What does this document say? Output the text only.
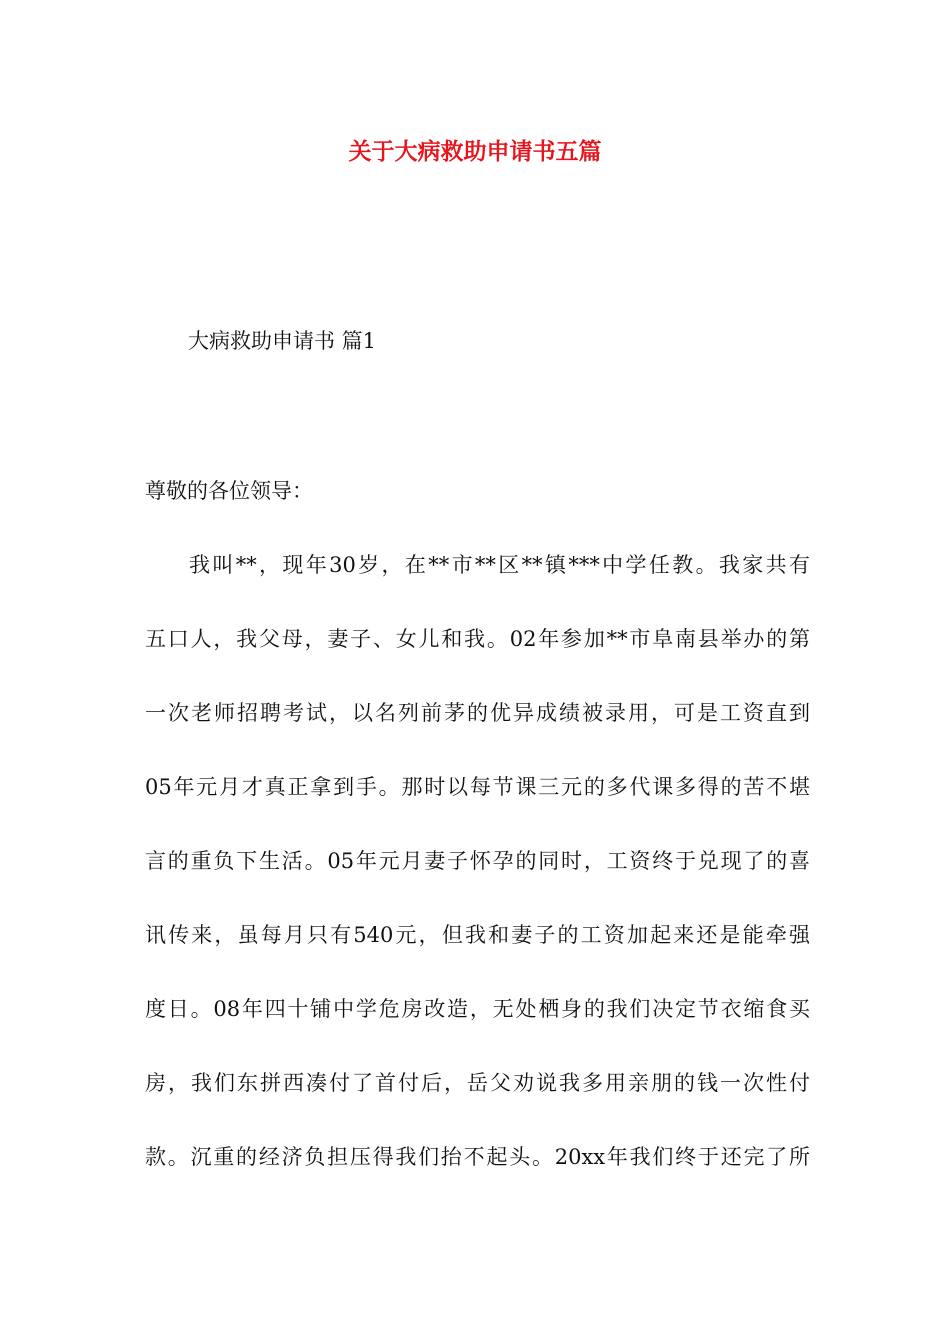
关于大病救助申请书五篇
大病救助申请书 篇1
尊敬的各位领导：
我叫**，现年30岁，在**市**区**镇***中学任教。我家共有
五口人，我父母，妻子、女儿和我。02年参加**市阜南县举办的第
一次老师招聘考试，以名列前茅的优异成绩被录用，可是工资直到
05年元月才真正拿到手。那时以每节课三元的多代课多得的苦不堪
言的重负下生活。05年元月妻子怀孕的同时，工资终于兑现了的喜
讯传来，虽每月只有540元，但我和妻子的工资加起来还是能牵强
度日。08年四十铺中学危房改造，无处栖身的我们决定节衣缩食买
房，我们东拼西凑付了首付后，岳父劝说我多用亲朋的钱一次性付
款。沉重的经济负担压得我们抬不起头。20xx年我们终于还完了所
